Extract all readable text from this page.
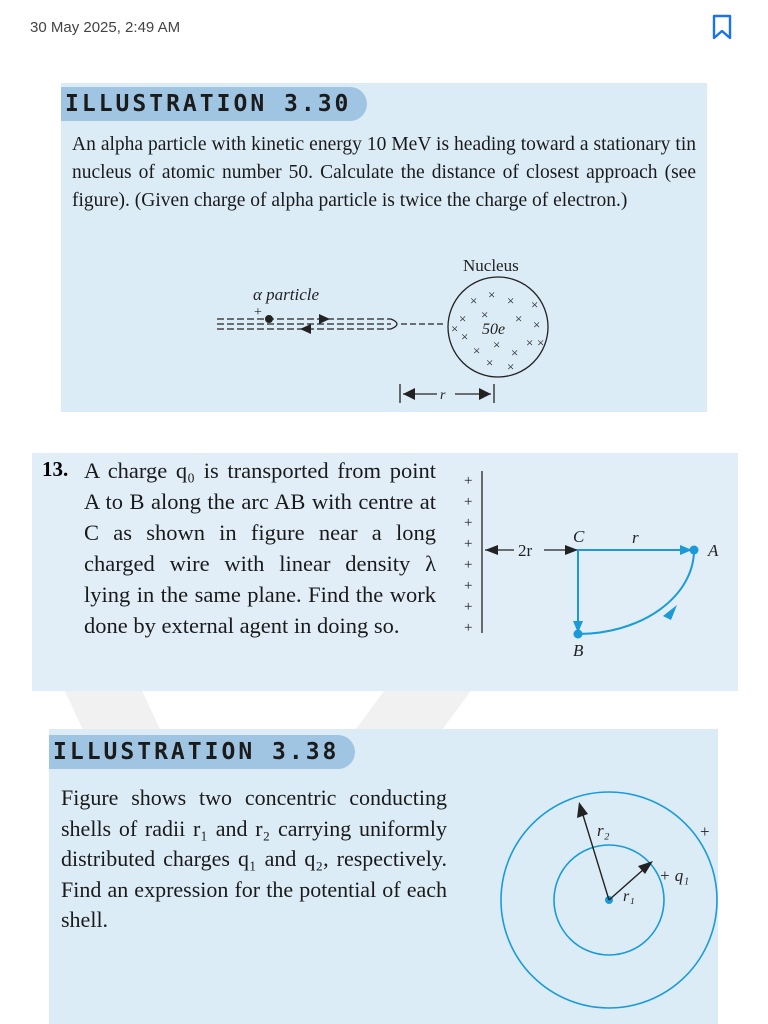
30 May 2025, 2:49 AM
ILLUSTRATION 3.30
An alpha particle with kinetic energy 10 MeV is heading toward a stationary tin nucleus of atomic number 50. Calculate the distance of closest approach (see figure). (Given charge of alpha particle is twice the charge of electron.)
Nucleus
α particle
+
× × × ×
× × × ×
×	×
×
× ×
×
×
× ×
50e
r
13. A charge q₀ is transported from point A to B along the arc AB with centre at C as shown in figure near a long charged wire with linear density λ lying in the same plane. Find the work done by external agent in doing so.
+
+
+
+
+
+
+
+
2r
C	r
A
B
ILLUSTRATION 3.38
Figure shows two concentric conducting shells of radii r₁ and r₂ carrying uniformly distributed charges q₁ and q₂, respectively. Find an expression for the potential of each shell.
r₂
r₁
+ q₁
+
